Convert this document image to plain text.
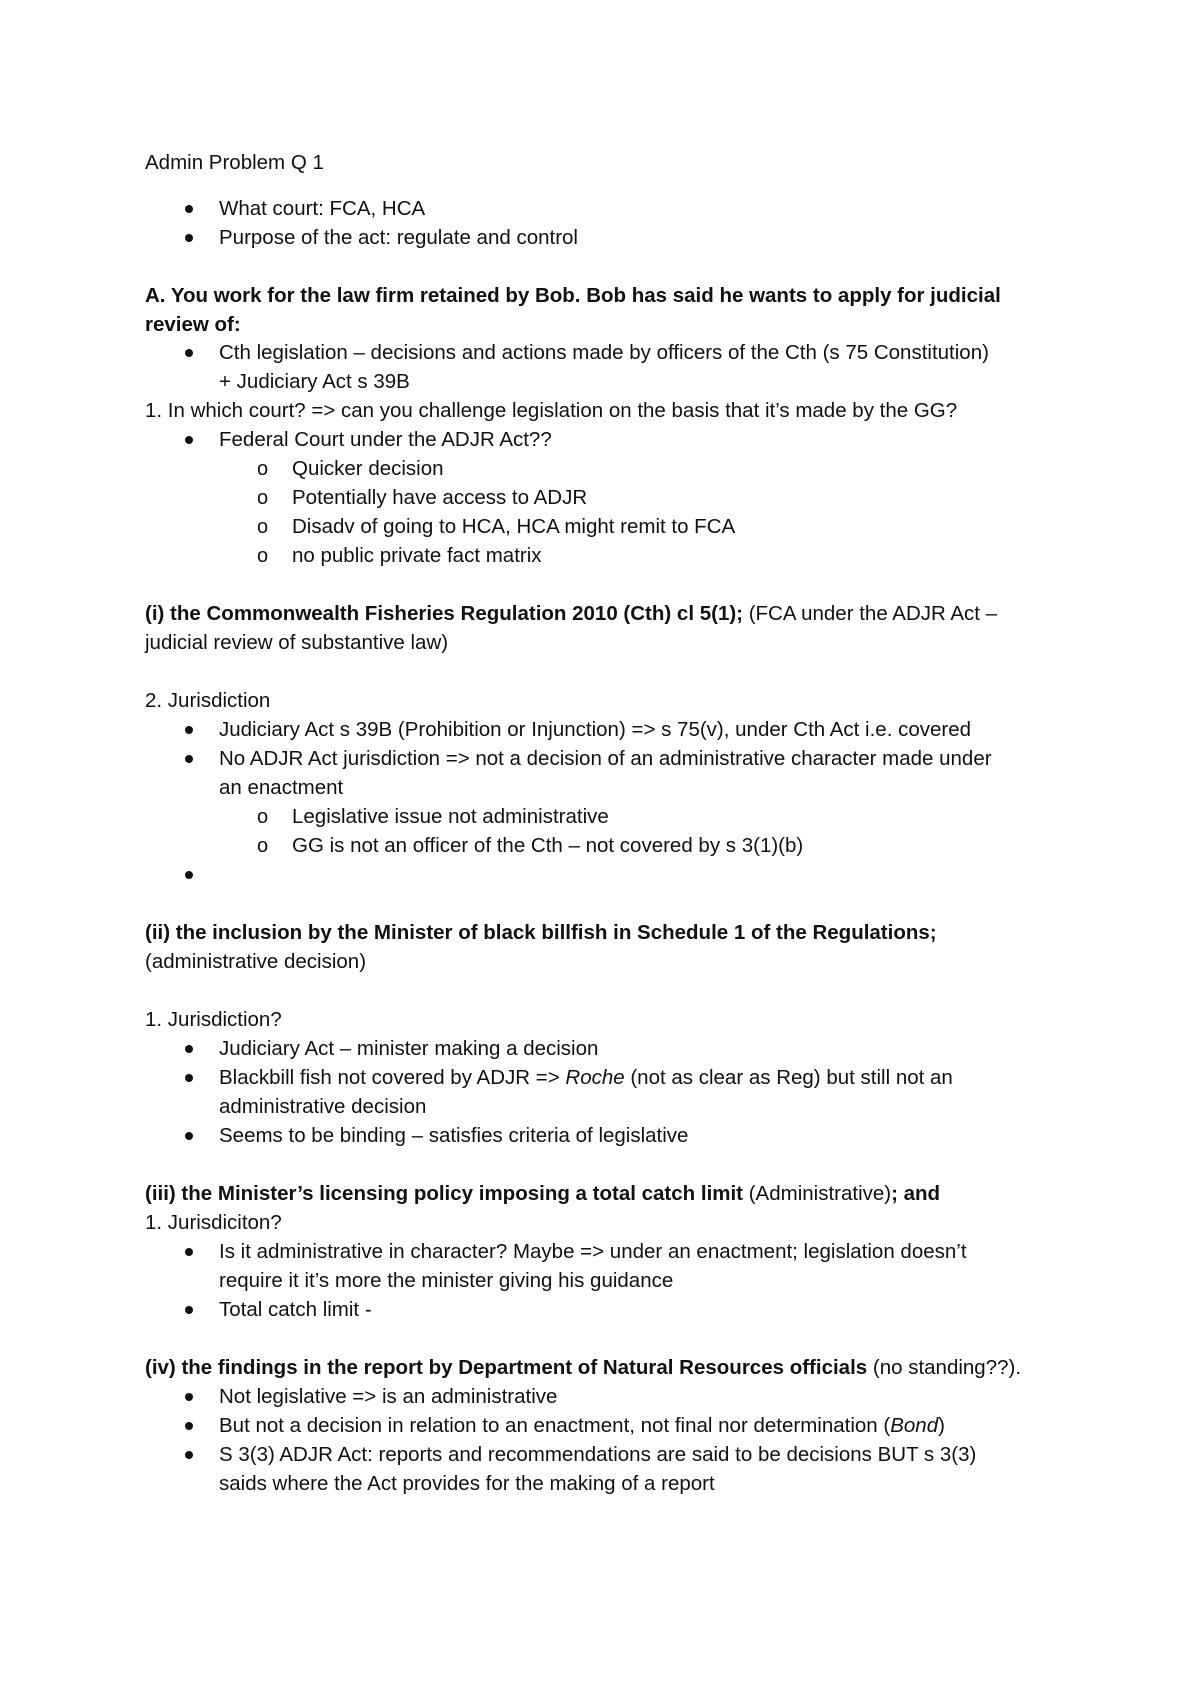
Admin Problem Q 1
What court: FCA, HCA
Purpose of the act: regulate and control
A. You work for the law firm retained by Bob. Bob has said he wants to apply for judicial
review of:
Cth legislation – decisions and actions made by officers of the Cth (s 75 Constitution)
+ Judiciary Act s 39B
1. In which court? => can you challenge legislation on the basis that it’s made by the GG?
Federal Court under the ADJR Act??
o Quicker decision
o Potentially have access to ADJR
o Disadv of going to HCA, HCA might remit to FCA
o no public private fact matrix
(i) the Commonwealth Fisheries Regulation 2010 (Cth) cl 5(1); (FCA under the ADJR Act –
judicial review of substantive law)
2. Jurisdiction
Judiciary Act s 39B (Prohibition or Injunction) => s 75(v), under Cth Act i.e. covered
No ADJR Act jurisdiction => not a decision of an administrative character made under
an enactment
o Legislative issue not administrative
o GG is not an officer of the Cth – not covered by s 3(1)(b)
(ii) the inclusion by the Minister of black billfish in Schedule 1 of the Regulations;
(administrative decision)
1. Jurisdiction?
Judiciary Act – minister making a decision
Blackbill fish not covered by ADJR => Roche (not as clear as Reg) but still not an
administrative decision
Seems to be binding – satisfies criteria of legislative
(iii) the Minister’s licensing policy imposing a total catch limit (Administrative); and
1. Jurisdiciton?
Is it administrative in character? Maybe => under an enactment; legislation doesn’t
require it it’s more the minister giving his guidance
Total catch limit -
(iv) the findings in the report by Department of Natural Resources officials (no standing??).
Not legislative => is an administrative
But not a decision in relation to an enactment, not final nor determination (Bond)
S 3(3) ADJR Act: reports and recommendations are said to be decisions BUT s 3(3)
saids where the Act provides for the making of a report
